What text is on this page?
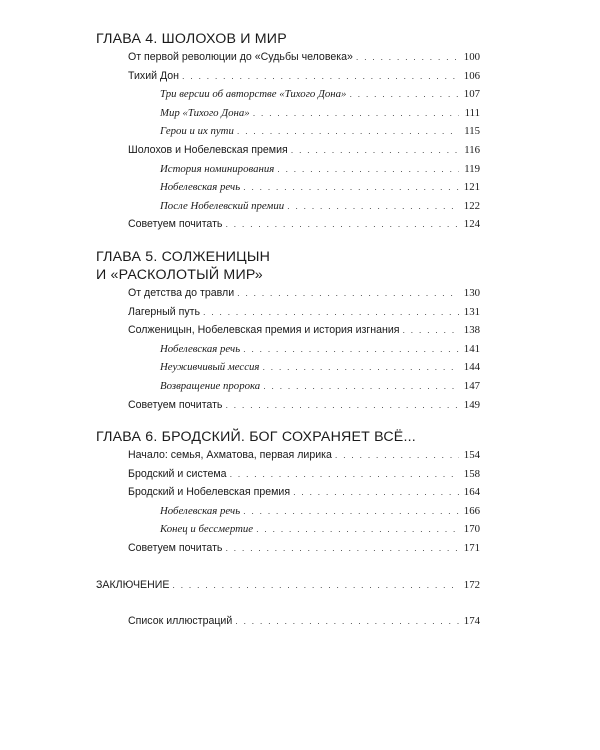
ГЛАВА 4. ШОЛОХОВ И МИР
От первой революции до «Судьбы человека» . . .	100
Тихий Дон . . .	106
Три версии об авторстве «Тихого Дона» . . .	107
Мир «Тихого Дона» . . .	111
Герои и их пути . . .	115
Шолохов и Нобелевская премия . . .	116
История номинирования . . .	119
Нобелевская речь . . .	121
После Нобелевский премии . . .	122
Советуем почитать . . .	124
ГЛАВА 5. СОЛЖЕНИЦЫН
И «РАСКОЛОТЫЙ МИР»
От детства до травли . . .	130
Лагерный путь . . .	131
Солженицын, Нобелевская премия и история изгнания . . .	138
Нобелевская речь . . .	141
Неуживчивый мессия . . .	144
Возвращение пророка . . .	147
Советуем почитать . . .	149
ГЛАВА 6. БРОДСКИЙ. БОГ СОХРАНЯЕТ ВСЁ...
Начало: семья, Ахматова, первая лирика . . .	154
Бродский и система . . .	158
Бродский и Нобелевская премия . . .	164
Нобелевская речь . . .	166
Конец и бессмертие . . .	170
Советуем почитать . . .	171
ЗАКЛЮЧЕНИЕ . . .	172
Список иллюстраций . . .	174
